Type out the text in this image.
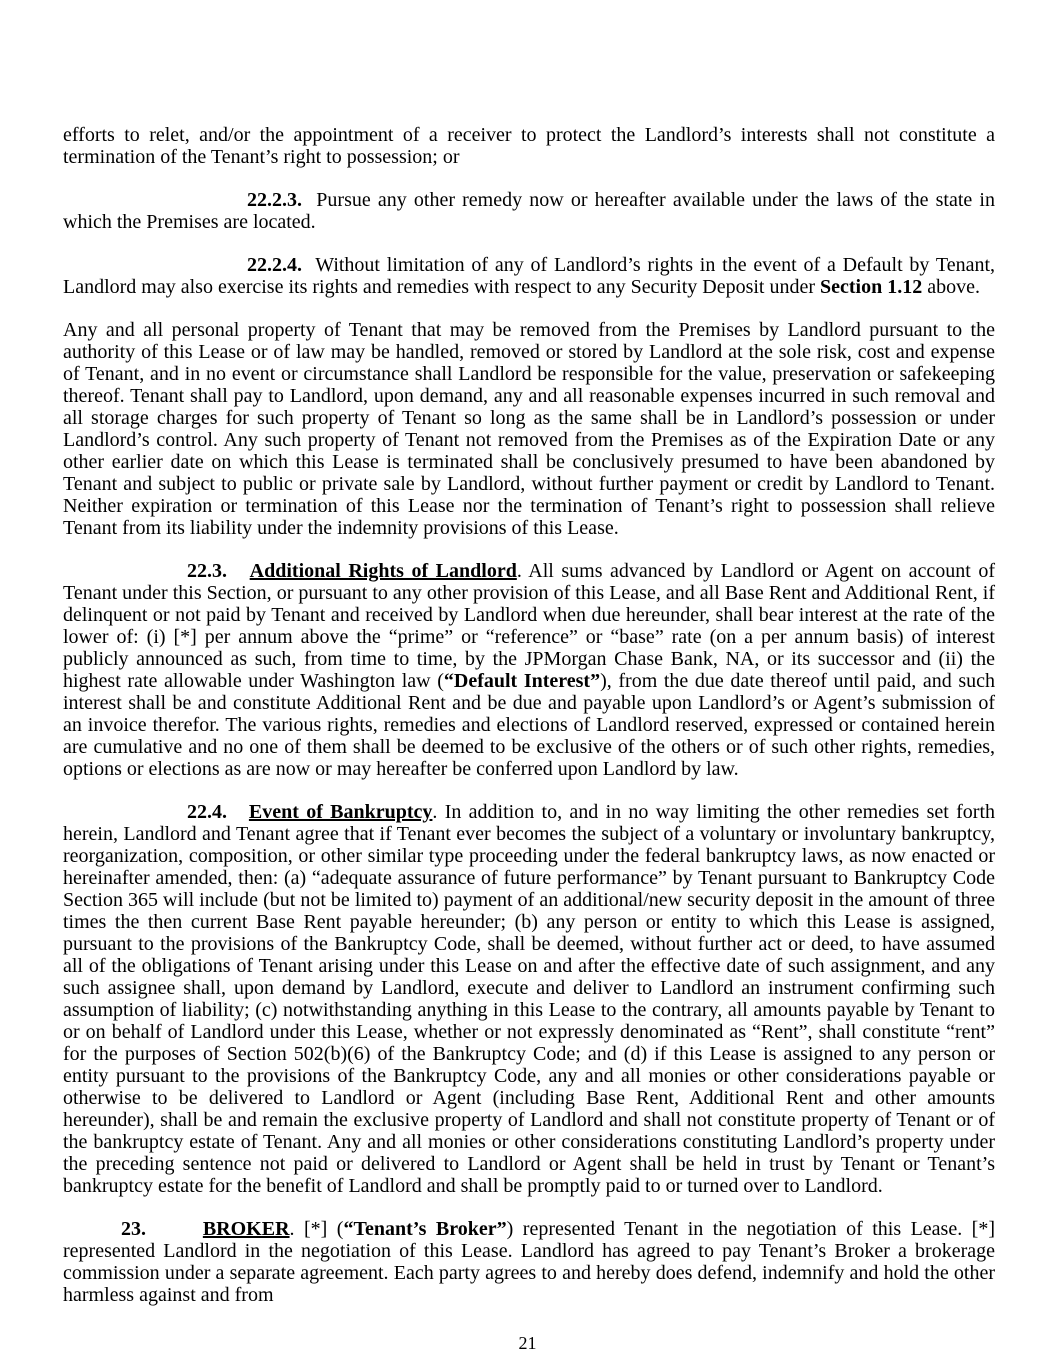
efforts to relet, and/or the appointment of a receiver to protect the Landlord’s interests shall not constitute a termination of the Tenant’s right to possession; or

22.2.3.  Pursue any other remedy now or hereafter available under the laws of the state in which the Premises are located.

22.2.4.  Without limitation of any of Landlord’s rights in the event of a Default by Tenant, Landlord may also exercise its rights and remedies with respect to any Security Deposit under Section 1.12 above.

Any and all personal property of Tenant that may be removed from the Premises by Landlord pursuant to the authority of this Lease or of law may be handled, removed or stored by Landlord at the sole risk, cost and expense of Tenant, and in no event or circumstance shall Landlord be responsible for the value, preservation or safekeeping thereof. Tenant shall pay to Landlord, upon demand, any and all reasonable expenses incurred in such removal and all storage charges for such property of Tenant so long as the same shall be in Landlord’s possession or under Landlord’s control. Any such property of Tenant not removed from the Premises as of the Expiration Date or any other earlier date on which this Lease is terminated shall be conclusively presumed to have been abandoned by Tenant and subject to public or private sale by Landlord, without further payment or credit by Landlord to Tenant. Neither expiration or termination of this Lease nor the termination of Tenant’s right to possession shall relieve Tenant from its liability under the indemnity provisions of this Lease.

22.3. Additional Rights of Landlord. All sums advanced by Landlord or Agent on account of Tenant under this Section, or pursuant to any other provision of this Lease, and all Base Rent and Additional Rent, if delinquent or not paid by Tenant and received by Landlord when due hereunder, shall bear interest at the rate of the lower of: (i) [*] per annum above the “prime” or “reference” or “base” rate (on a per annum basis) of interest publicly announced as such, from time to time, by the JPMorgan Chase Bank, NA, or its successor and (ii) the highest rate allowable under Washington law (“Default Interest”), from the due date thereof until paid, and such interest shall be and constitute Additional Rent and be due and payable upon Landlord’s or Agent’s submission of an invoice therefor. The various rights, remedies and elections of Landlord reserved, expressed or contained herein are cumulative and no one of them shall be deemed to be exclusive of the others or of such other rights, remedies, options or elections as are now or may hereafter be conferred upon Landlord by law.

22.4. Event of Bankruptcy. In addition to, and in no way limiting the other remedies set forth herein, Landlord and Tenant agree that if Tenant ever becomes the subject of a voluntary or involuntary bankruptcy, reorganization, composition, or other similar type proceeding under the federal bankruptcy laws, as now enacted or hereinafter amended, then: (a) “adequate assurance of future performance” by Tenant pursuant to Bankruptcy Code Section 365 will include (but not be limited to) payment of an additional/new security deposit in the amount of three times the then current Base Rent payable hereunder; (b) any person or entity to which this Lease is assigned, pursuant to the provisions of the Bankruptcy Code, shall be deemed, without further act or deed, to have assumed all of the obligations of Tenant arising under this Lease on and after the effective date of such assignment, and any such assignee shall, upon demand by Landlord, execute and deliver to Landlord an instrument confirming such assumption of liability; (c) notwithstanding anything in this Lease to the contrary, all amounts payable by Tenant to or on behalf of Landlord under this Lease, whether or not expressly denominated as “Rent”, shall constitute “rent” for the purposes of Section 502(b)(6) of the Bankruptcy Code; and (d) if this Lease is assigned to any person or entity pursuant to the provisions of the Bankruptcy Code, any and all monies or other considerations payable or otherwise to be delivered to Landlord or Agent (including Base Rent, Additional Rent and other amounts hereunder), shall be and remain the exclusive property of Landlord and shall not constitute property of Tenant or of the bankruptcy estate of Tenant. Any and all monies or other considerations constituting Landlord’s property under the preceding sentence not paid or delivered to Landlord or Agent shall be held in trust by Tenant or Tenant’s bankruptcy estate for the benefit of Landlord and shall be promptly paid to or turned over to Landlord.

23.	BROKER. [*] (“Tenant’s Broker”) represented Tenant in the negotiation of this Lease. [*] represented Landlord in the negotiation of this Lease. Landlord has agreed to pay Tenant’s Broker a brokerage commission under a separate agreement. Each party agrees to and hereby does defend, indemnify and hold the other harmless against and from

21
